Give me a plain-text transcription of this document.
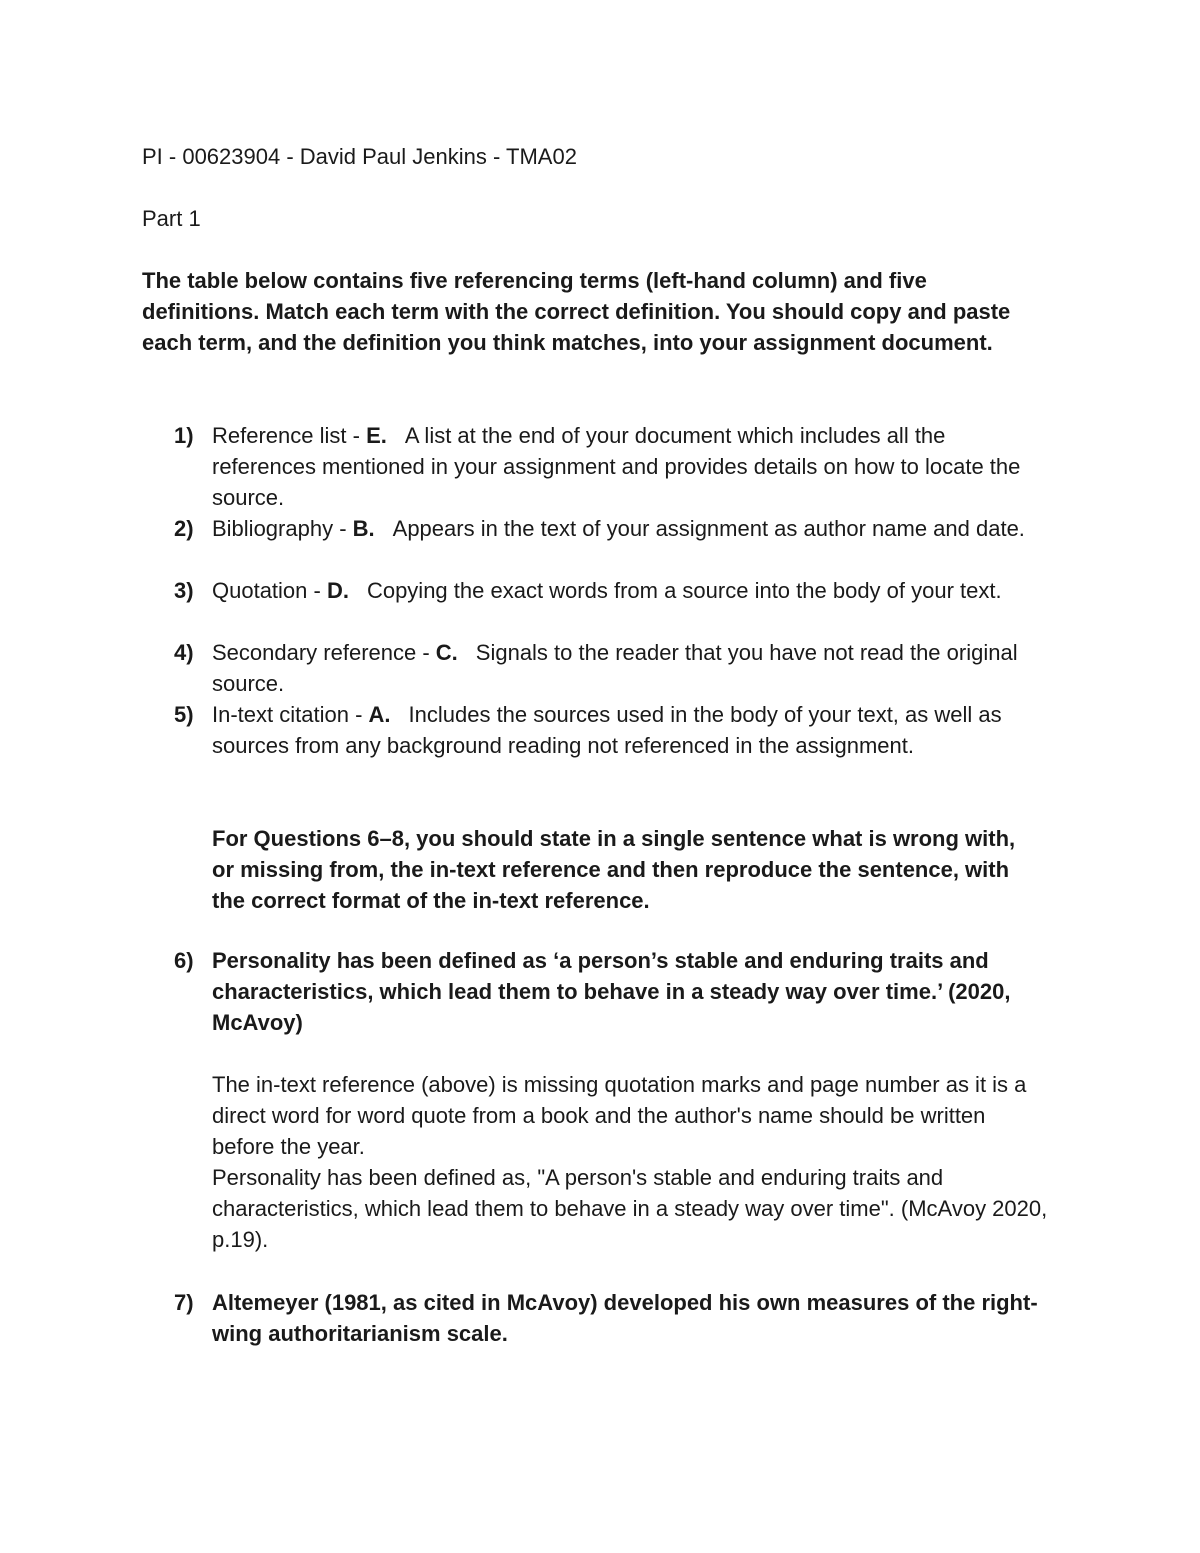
PI - 00623904 - David Paul Jenkins - TMA02
Part 1
The table below contains five referencing terms (left-hand column) and five definitions. Match each term with the correct definition. You should copy and paste each term, and the definition you think matches, into your assignment document.
1) Reference list - E. A list at the end of your document which includes all the references mentioned in your assignment and provides details on how to locate the source.
2) Bibliography - B. Appears in the text of your assignment as author name and date.
3) Quotation - D. Copying the exact words from a source into the body of your text.
4) Secondary reference - C. Signals to the reader that you have not read the original source.
5) In-text citation - A. Includes the sources used in the body of your text, as well as sources from any background reading not referenced in the assignment.
For Questions 6–8, you should state in a single sentence what is wrong with, or missing from, the in-text reference and then reproduce the sentence, with the correct format of the in-text reference.
6) Personality has been defined as ‘a person’s stable and enduring traits and characteristics, which lead them to behave in a steady way over time.’ (2020, McAvoy)
The in-text reference (above) is missing quotation marks and page number as it is a direct word for word quote from a book and the author's name should be written before the year.
Personality has been defined as, "A person's stable and enduring traits and characteristics, which lead them to behave in a steady way over time". (McAvoy 2020, p.19).
7) Altemeyer (1981, as cited in McAvoy) developed his own measures of the right-wing authoritarianism scale.
